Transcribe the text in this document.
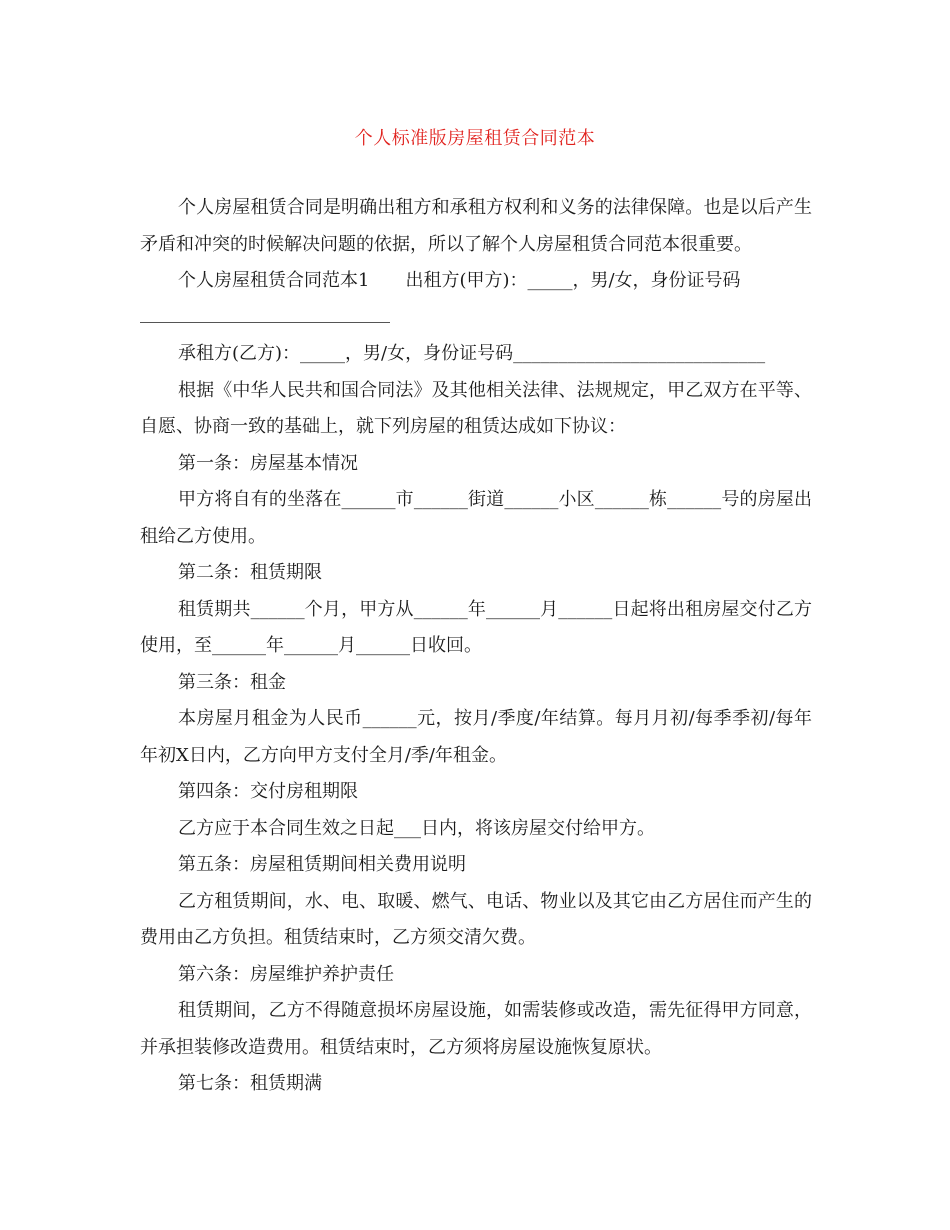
个人标准版房屋租赁合同范本

个人房屋租赁合同是明确出租方和承租方权利和义务的法律保障。也是以后产生矛盾和冲突的时候解决问题的依据，所以了解个人房屋租赁合同范本很重要。

个人房屋租赁合同范本1　　出租方(甲方)：_____，男/女，身份证号码

承租方(乙方)：_____，男/女，身份证号码____________________________

根据《中华人民共和国合同法》及其他相关法律、法规规定，甲乙双方在平等、自愿、协商一致的基础上，就下列房屋的租赁达成如下协议：

第一条：房屋基本情况

甲方将自有的坐落在______市______街道______小区______栋______号的房屋出租给乙方使用。

第二条：租赁期限

租赁期共______个月，甲方从______年______月______日起将出租房屋交付乙方使用，至______年______月______日收回。

第三条：租金

本房屋月租金为人民币______元，按月/季度/年结算。每月月初/每季季初/每年年初X日内，乙方向甲方支付全月/季/年租金。

第四条：交付房租期限

乙方应于本合同生效之日起___日内，将该房屋交付给甲方。

第五条：房屋租赁期间相关费用说明

乙方租赁期间，水、电、取暖、燃气、电话、物业以及其它由乙方居住而产生的费用由乙方负担。租赁结束时，乙方须交清欠费。

第六条：房屋维护养护责任

租赁期间，乙方不得随意损坏房屋设施，如需装修或改造，需先征得甲方同意，并承担装修改造费用。租赁结束时，乙方须将房屋设施恢复原状。

第七条：租赁期满
